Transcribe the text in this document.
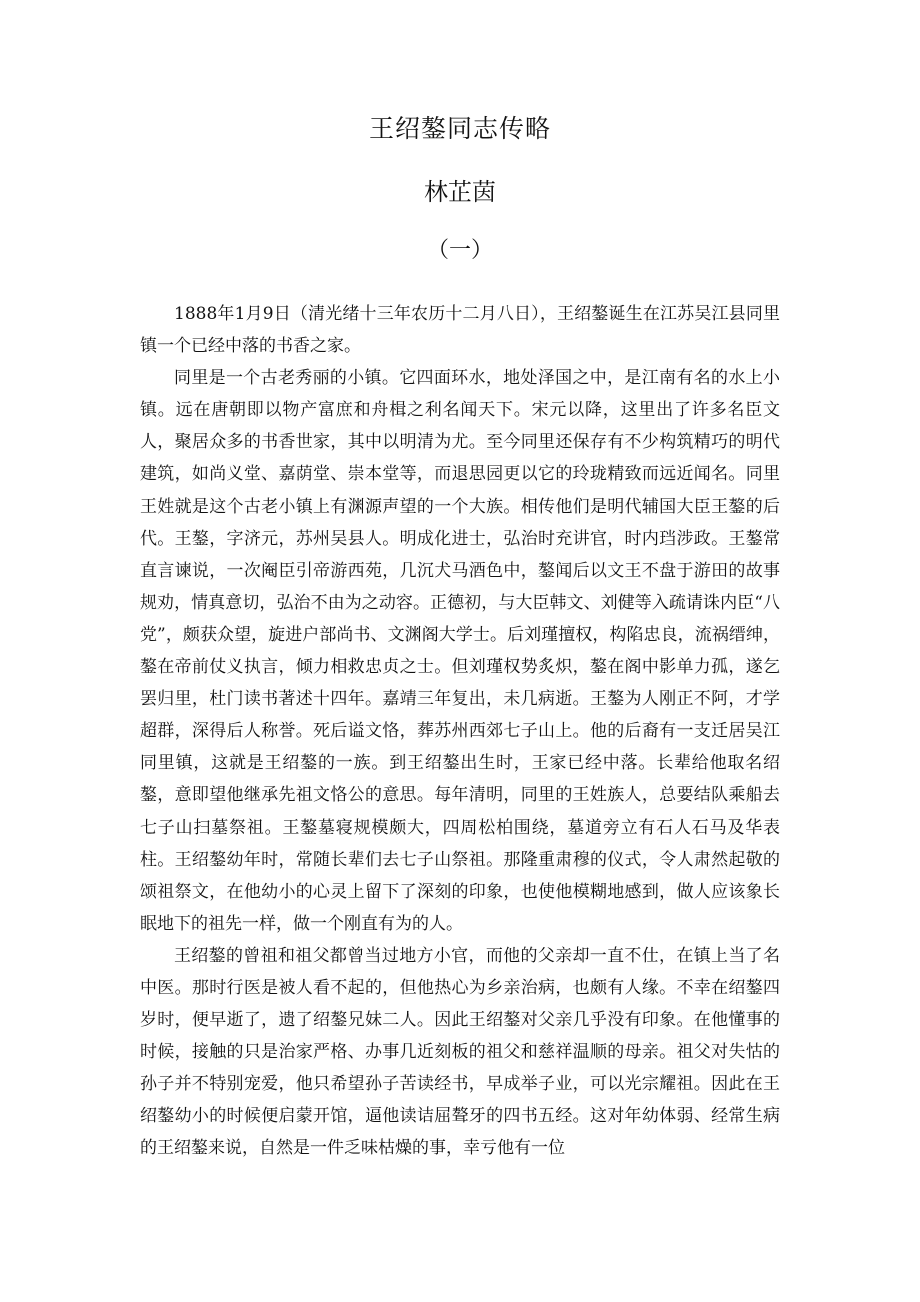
王绍鏊同志传略
林芷茵
（一）

1888年1月9日（清光绪十三年农历十二月八日），王绍鏊诞生在江苏吴江县同里镇一个已经中落的书香之家。

同里是一个古老秀丽的小镇。它四面环水，地处泽国之中，是江南有名的水上小镇。远在唐朝即以物产富庶和舟楫之利名闻天下。宋元以降，这里出了许多名臣文人，聚居众多的书香世家，其中以明清为尤。至今同里还保存有不少构筑精巧的明代建筑，如尚义堂、嘉荫堂、崇本堂等，而退思园更以它的玲珑精致而远近闻名。同里王姓就是这个古老小镇上有渊源声望的一个大族。相传他们是明代辅国大臣王鏊的后代。王鏊，字济元，苏州吴县人。明成化进士，弘治时充讲官，时内珰涉政。王鏊常直言谏说，一次阉臣引帝游西苑，几沉犬马酒色中，鏊闻后以文王不盘于游田的故事规劝，情真意切，弘治不由为之动容。正德初，与大臣韩文、刘健等入疏请诛内臣“八党”，颇获众望，旋进户部尚书、文渊阁大学士。后刘瑾擅权，构陷忠良，流祸缙绅，鏊在帝前仗义执言，倾力相救忠贞之士。但刘瑾权势炙炽，鏊在阁中影单力孤，遂乞罢归里，杜门读书著述十四年。嘉靖三年复出，未几病逝。王鏊为人刚正不阿，才学超群，深得后人称誉。死后谥文恪，葬苏州西郊七子山上。他的后裔有一支迁居吴江同里镇，这就是王绍鏊的一族。到王绍鏊出生时，王家已经中落。长辈给他取名绍鏊，意即望他继承先祖文恪公的意思。每年清明，同里的王姓族人，总要结队乘船去七子山扫墓祭祖。王鏊墓寝规模颇大，四周松柏围绕，墓道旁立有石人石马及华表柱。王绍鏊幼年时，常随长辈们去七子山祭祖。那隆重肃穆的仪式，令人肃然起敬的颂祖祭文，在他幼小的心灵上留下了深刻的印象，也使他模糊地感到，做人应该象长眠地下的祖先一样，做一个刚直有为的人。

王绍鏊的曾祖和祖父都曾当过地方小官，而他的父亲却一直不仕，在镇上当了名中医。那时行医是被人看不起的，但他热心为乡亲治病，也颇有人缘。不幸在绍鏊四岁时，便早逝了，遗了绍鏊兄妹二人。因此王绍鏊对父亲几乎没有印象。在他懂事的时候，接触的只是治家严格、办事几近刻板的祖父和慈祥温顺的母亲。祖父对失怙的孙子并不特别宠爱，他只希望孙子苦读经书，早成举子业，可以光宗耀祖。因此在王绍鏊幼小的时候便启蒙开馆，逼他读诘屈聱牙的四书五经。这对年幼体弱、经常生病的王绍鏊来说，自然是一件乏味枯燥的事，幸亏他有一位
